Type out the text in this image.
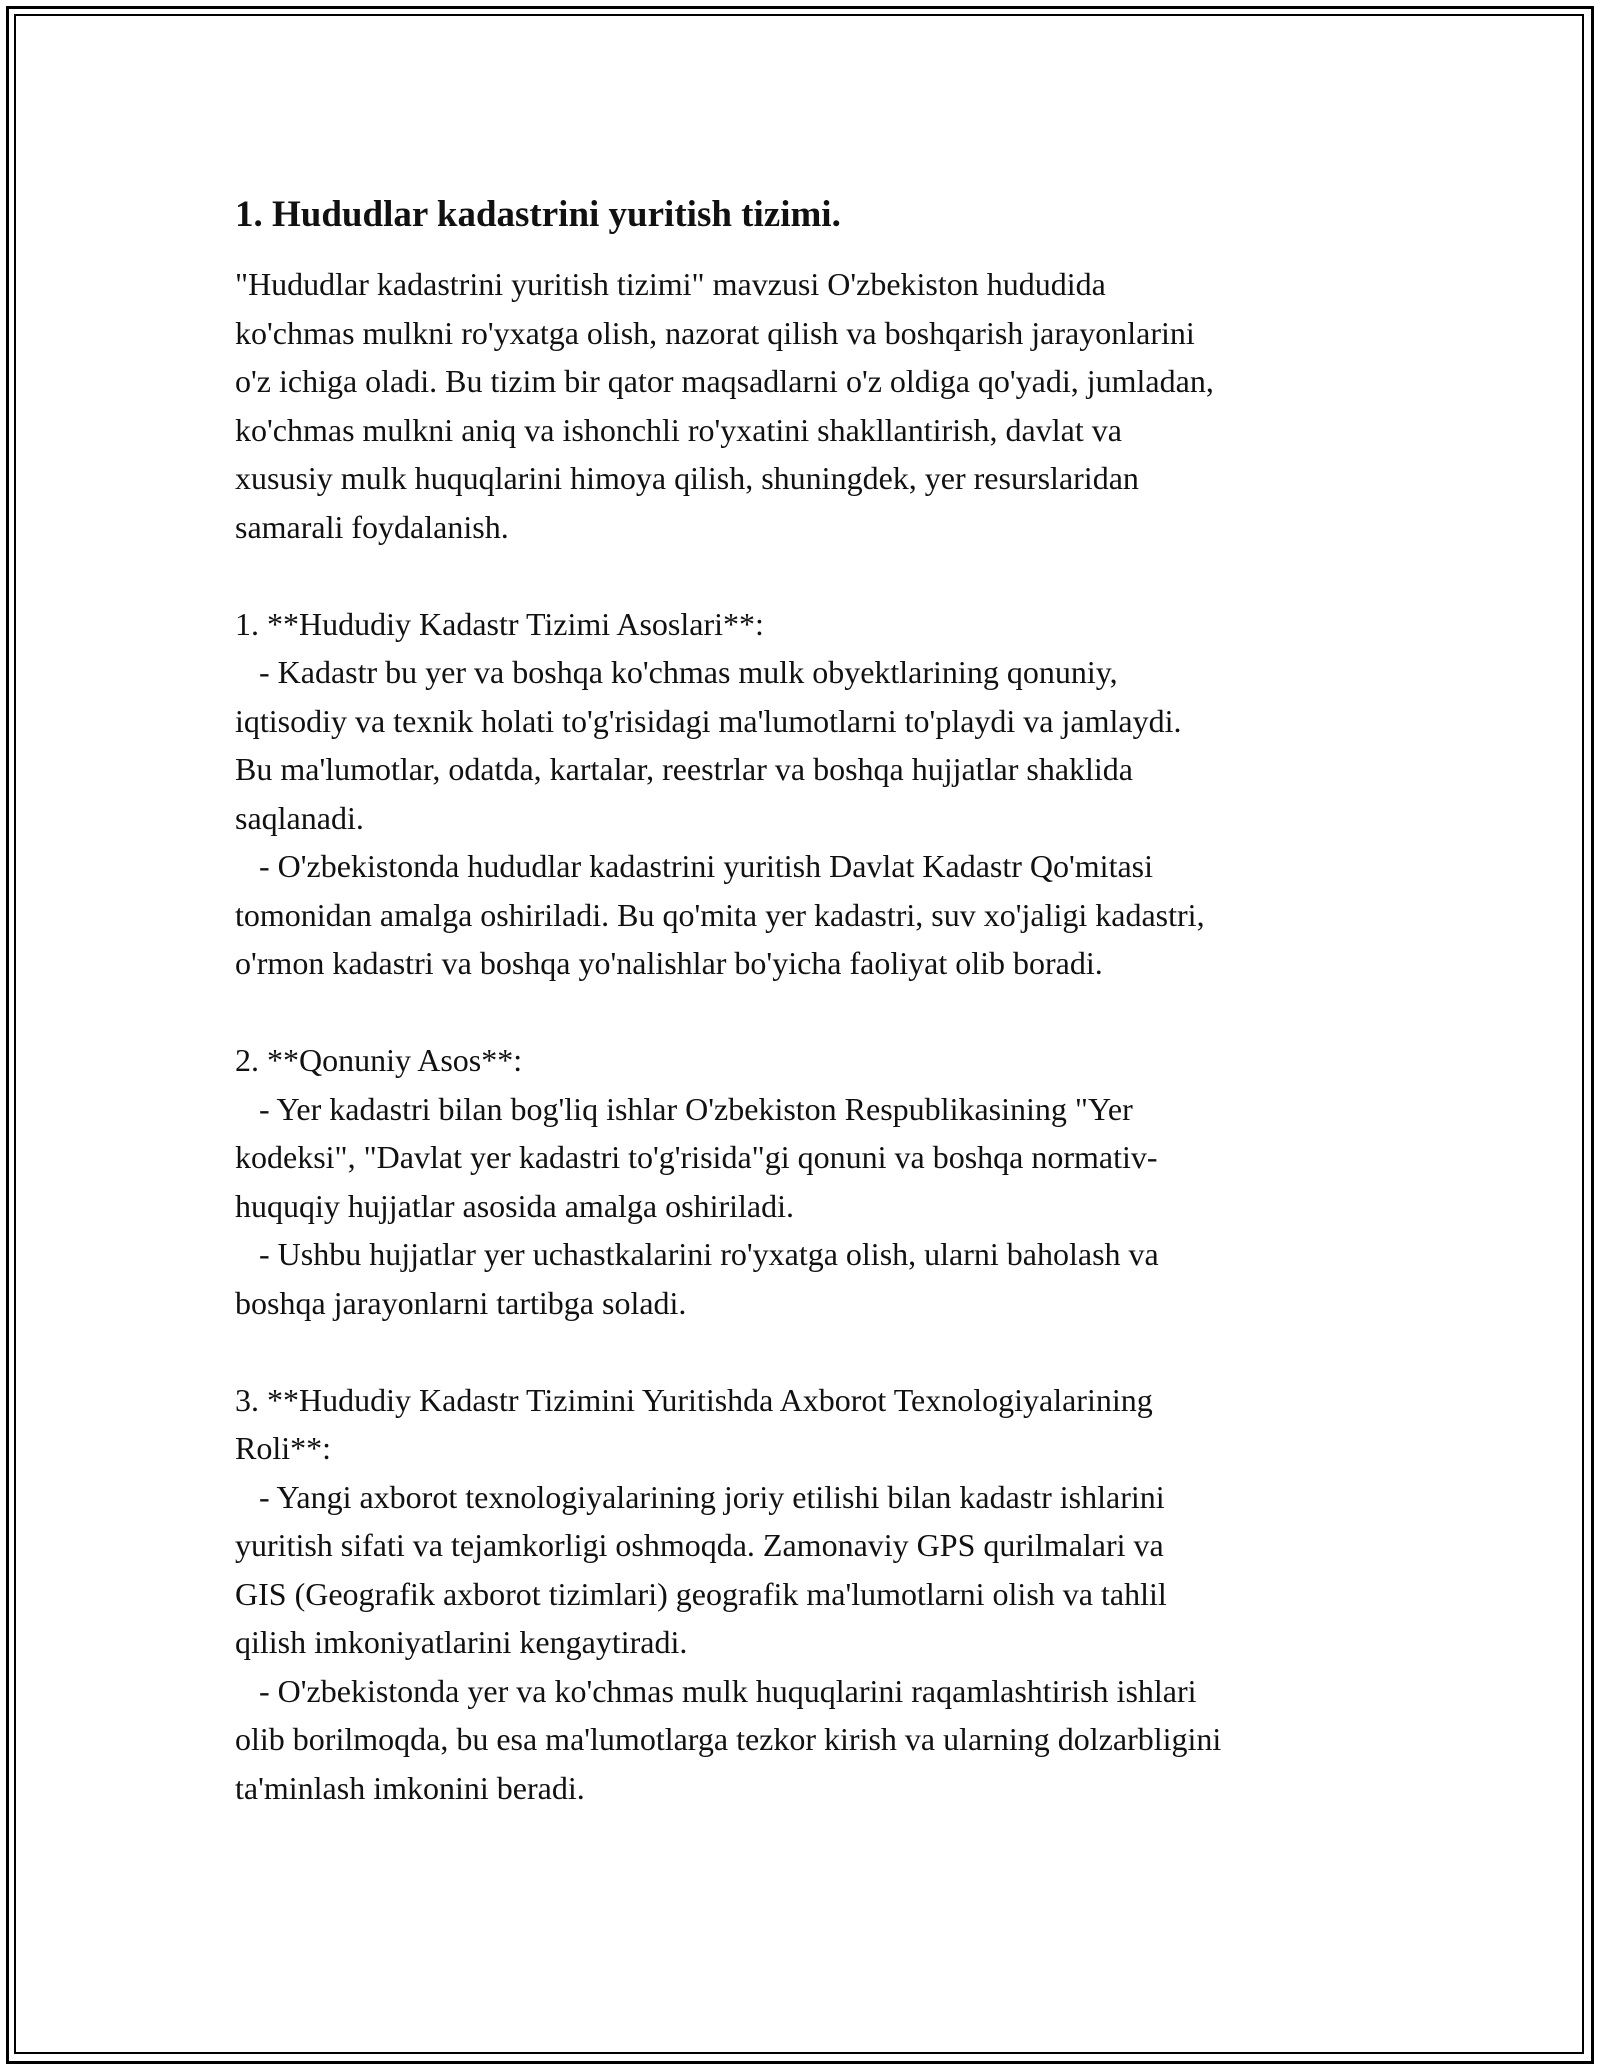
1. Hududlar kadastrini yuritish tizimi.

"Hududlar kadastrini yuritish tizimi" mavzusi O'zbekiston hududida
ko'chmas mulkni ro'yxatga olish, nazorat qilish va boshqarish jarayonlarini
o'z ichiga oladi. Bu tizim bir qator maqsadlarni o'z oldiga qo'yadi, jumladan,
ko'chmas mulkni aniq va ishonchli ro'yxatini shakllantirish, davlat va
xususiy mulk huquqlarini himoya qilish, shuningdek, yer resurslaridan
samarali foydalanish.

1. **Hududiy Kadastr Tizimi Asoslari**:

- Kadastr bu yer va boshqa ko'chmas mulk obyektlarining qonuniy,
iqtisodiy va texnik holati to'g'risidagi ma'lumotlarni to'playdi va jamlaydi.
Bu ma'lumotlar, odatda, kartalar, reestrlar va boshqa hujjatlar shaklida
saqlanadi.

- O'zbekistonda hududlar kadastrini yuritish Davlat Kadastr Qo'mitasi
tomonidan amalga oshiriladi. Bu qo'mita yer kadastri, suv xo'jaligi kadastri,
o'rmon kadastri va boshqa yo'nalishlar bo'yicha faoliyat olib boradi.

2. **Qonuniy Asos**:

- Yer kadastri bilan bog'liq ishlar O'zbekiston Respublikasining "Yer
kodeksi", "Davlat yer kadastri to'g'risida"gi qonuni va boshqa normativ-
huquqiy hujjatlar asosida amalga oshiriladi.

- Ushbu hujjatlar yer uchastkalarini ro'yxatga olish, ularni baholash va
boshqa jarayonlarni tartibga soladi.

3. **Hududiy Kadastr Tizimini Yuritishda Axborot Texnologiyalarining
Roli**:

- Yangi axborot texnologiyalarining joriy etilishi bilan kadastr ishlarini
yuritish sifati va tejamkorligi oshmoqda. Zamonaviy GPS qurilmalari va
GIS (Geografik axborot tizimlari) geografik ma'lumotlarni olish va tahlil
qilish imkoniyatlarini kengaytiradi.

- O'zbekistonda yer va ko'chmas mulk huquqlarini raqamlashtirish ishlari
olib borilmoqda, bu esa ma'lumotlarga tezkor kirish va ularning dolzarbligini
ta'minlash imkonini beradi.
